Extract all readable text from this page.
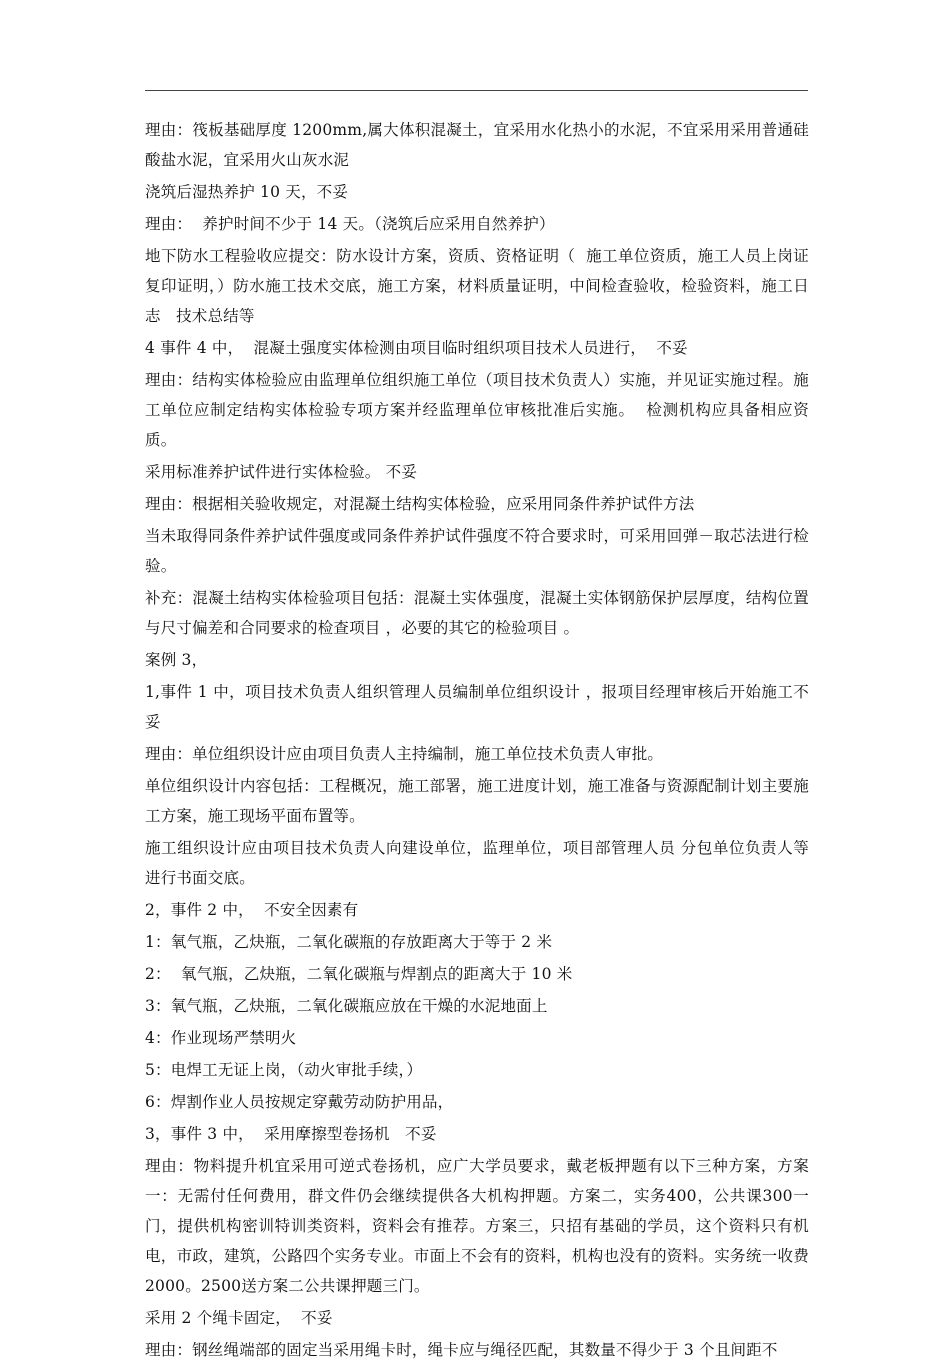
理由：筏板基础厚度 1200mm,属大体积混凝土，宜采用水化热小的水泥，不宜采用采用普通硅酸盐水泥，宜采用火山灰水泥

浇筑后湿热养护 10 天，不妥

理由：  养护时间不少于 14 天。（浇筑后应采用自然养护）

地下防水工程验收应提交：防水设计方案，资质、资格证明（  施工单位资质，施工人员上岗证复印证明，）防水施工技术交底，施工方案，材料质量证明，中间检查验收，检验资料，施工日志   技术总结等

4 事件 4 中，  混凝土强度实体检测由项目临时组织项目技术人员进行，  不妥

理由：结构实体检验应由监理单位组织施工单位（项目技术负责人）实施，并见证实施过程。施工单位应制定结构实体检验专项方案并经监理单位审核批准后实施。  检测机构应具备相应资质。

采用标准养护试件进行实体检验。 不妥

理由：根据相关验收规定，对混凝土结构实体检验，应采用同条件养护试件方法

当未取得同条件养护试件强度或同条件养护试件强度不符合要求时，可采用回弹－取芯法进行检验。

补充：混凝土结构实体检验项目包括：混凝土实体强度，混凝土实体钢筋保护层厚度，结构位置与尺寸偏差和合同要求的检查项目 ，必要的其它的检验项目 。

案例 3，

1,事件 1 中，项目技术负责人组织管理人员编制单位组织设计 ，报项目经理审核后开始施工不妥

理由：单位组织设计应由项目负责人主持编制，施工单位技术负责人审批。

单位组织设计内容包括：工程概况，施工部署，施工进度计划，施工准备与资源配制计划主要施工方案，施工现场平面布置等。

施工组织设计应由项目技术负责人向建设单位，监理单位，项目部管理人员 分包单位负责人等进行书面交底。

2，事件 2 中，  不安全因素有

1：氧气瓶，乙炔瓶，二氧化碳瓶的存放距离大于等于 2 米

2：  氧气瓶，乙炔瓶，二氧化碳瓶与焊割点的距离大于 10 米

3：氧气瓶，乙炔瓶，二氧化碳瓶应放在干燥的水泥地面上

4：作业现场严禁明火

5：电焊工无证上岗，（动火审批手续，）

6：焊割作业人员按规定穿戴劳动防护用品，

3，事件 3 中，  采用摩擦型卷扬机   不妥

理由：物料提升机宜采用可逆式卷扬机，应广大学员要求，戴老板押题有以下三种方案，方案一：无需付任何费用，群文件仍会继续提供各大机构押题。方案二，实务400，公共课300一门，提供机构密训特训类资料，资料会有推荐。方案三，只招有基础的学员，这个资料只有机电，市政，建筑，公路四个实务专业。市面上不会有的资料，机构也没有的资料。实务统一收费2000。2500送方案二公共课押题三门。

采用 2 个绳卡固定，  不妥

理由：钢丝绳端部的固定当采用绳卡时，绳卡应与绳径匹配，其数量不得少于 3 个且间距不
